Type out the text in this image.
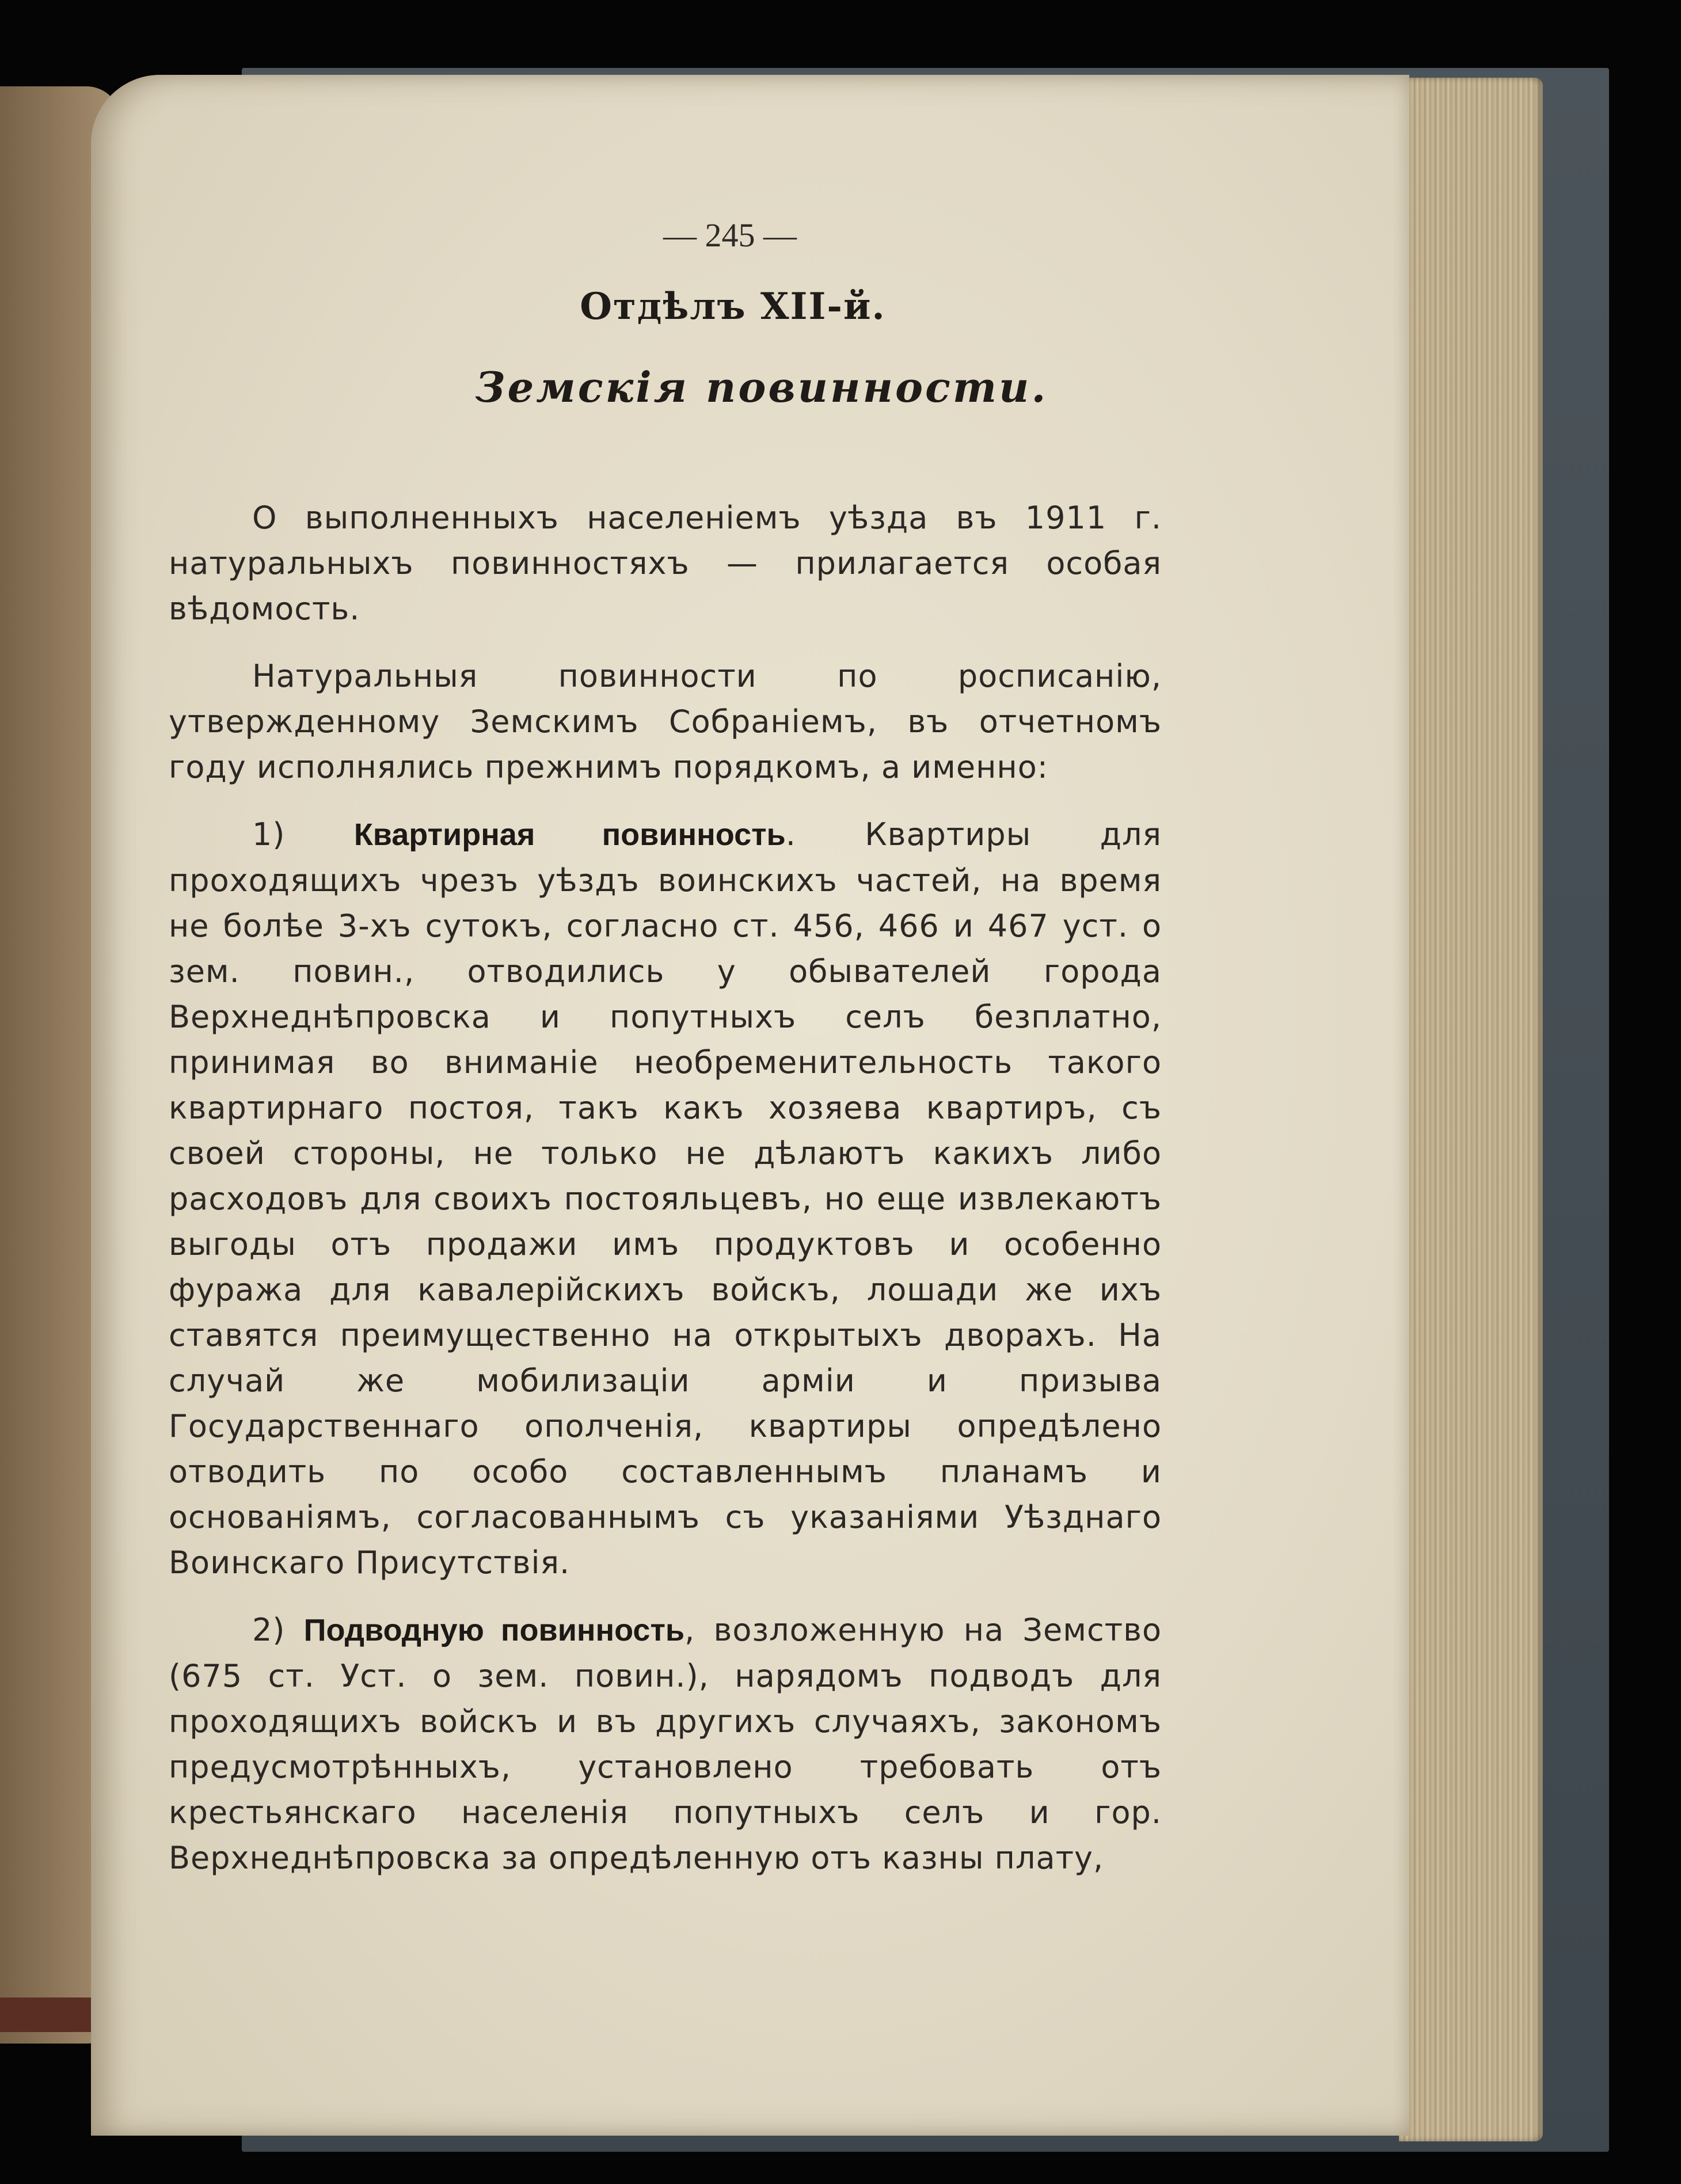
— 245 —
Отдѣлъ XII-й.
Земскія повинности.

О выполненныхъ населеніемъ уѣзда въ 1911 г. натуральныхъ повинностяхъ — прилагается особая вѣдомость.

Натуральныя повинности по росписанію, утвержденному Земскимъ Собраніемъ, въ отчетномъ году исполнялись прежнимъ порядкомъ, а именно:

1) Квартирная повинность. Квартиры для проходящихъ чрезъ уѣздъ воинскихъ частей, на время не болѣе 3-хъ сутокъ, согласно ст. 456, 466 и 467 уст. о зем. повин., отводились у обывателей города Верхнеднѣпровска и попутныхъ селъ безплатно, принимая во вниманіе необременительность такого квартирнаго постоя, такъ какъ хозяева квартиръ, съ своей стороны, не только не дѣлаютъ какихъ либо расходовъ для своихъ постояльцевъ, но еще извлекаютъ выгоды отъ продажи имъ продуктовъ и особенно фуража для кавалерійскихъ войскъ, лошади же ихъ ставятся преимущественно на открытыхъ дворахъ. На случай же мобилизаціи арміи и призыва Государственнаго ополченія, квартиры опредѣлено отводить по особо составленнымъ планамъ и основаніямъ, согласованнымъ съ указаніями Уѣзднаго Воинскаго Присутствія.

2) Подводную повинность, возложенную на Земство (675 ст. Уст. о зем. повин.), нарядомъ подводъ для проходящихъ войскъ и въ другихъ случаяхъ, закономъ предусмотрѣнныхъ, установлено требовать отъ крестьянскаго населенія попутныхъ селъ и гор. Верхнеднѣпровска за опредѣленную отъ казны плату,
